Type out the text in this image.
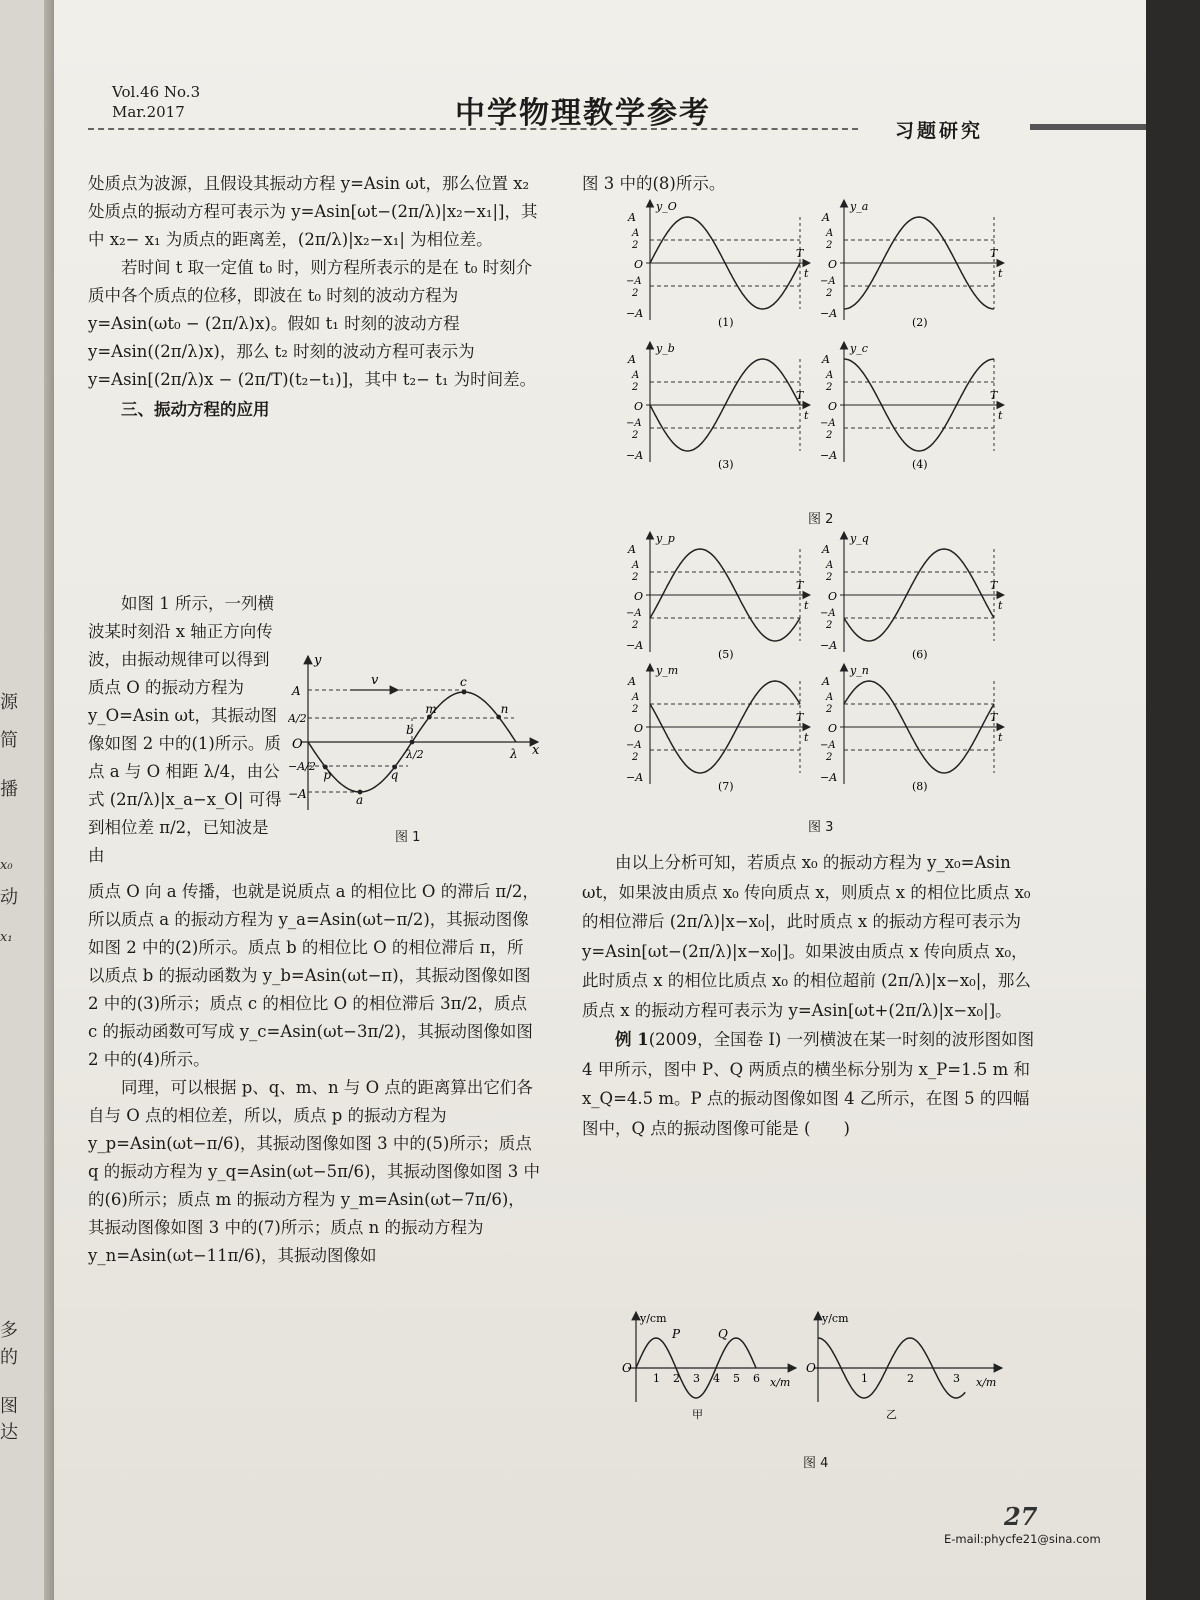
源
简
播
x₀
动
x₁
多
的
图
达
Vol.46 No.3
Mar.2017	中学物理教学参考	习题研究

处质点为波源，且假设其振动方程 y=Asin ωt，那么位置 x₂ 处质点的振动方程可表示为 y=Asin[ωt−(2π/λ)|x₂−x₁|]，其中 x₂− x₁ 为质点的距离差，(2π/λ)|x₂−x₁| 为相位差。

若时间 t 取一定值 t₀ 时，则方程所表示的是在 t₀ 时刻介质中各个质点的位移，即波在 t₀ 时刻的波动方程为 y=Asin(ωt₀ − (2π/λ)x)。假如 t₁ 时刻的波动方程 y=Asin((2π/λ)x)，那么 t₂ 时刻的波动方程可表示为 y=Asin[(2π/λ)x − (2π/T)(t₂−t₁)]，其中 t₂− t₁ 为时间差。

三、振动方程的应用

如图 1 所示，一列横波某时刻沿 x 轴正方向传波，由振动规律可以得到质点 O 的振动方程为 y_O=Asin ωt，其振动图像如图 2 中的(1)所示。质点 a 与 O 相距 λ/4，由公式 (2π/λ)|x_a−x_O| 可得到相位差 π/2，已知波是由

质点 O 向 a 传播，也就是说质点 a 的相位比 O 的滞后 π/2，所以质点 a 的振动方程为 y_a=Asin(ωt−π/2)，其振动图像如图 2 中的(2)所示。质点 b 的相位比 O 的相位滞后 π，所以质点 b 的振动函数为 y_b=Asin(ωt−π)，其振动图像如图 2 中的(3)所示；质点 c 的相位比 O 的相位滞后 3π/2，质点 c 的振动函数可写成 y_c=Asin(ωt−3π/2)，其振动图像如图 2 中的(4)所示。

同理，可以根据 p、q、m、n 与 O 点的距离算出它们各自与 O 点的相位差，所以，质点 p 的振动方程为 y_p=Asin(ωt−π/6)，其振动图像如图 3 中的(5)所示；质点 q 的振动方程为 y_q=Asin(ωt−5π/6)，其振动图像如图 3 中的(6)所示；质点 m 的振动方程为 y_m=Asin(ωt−7π/6)，其振动图像如图 3 中的(7)所示；质点 n 的振动方程为 y_n=Asin(ωt−11π/6)，其振动图像如

v
y
x
O
A
A/2
−A/2
−A
λ/2	λ
p
a
q
b
m
c
n
图 1

图 3 中的(8)所示。

y_O
A
A
2
O
−A
2
−A
T
t
(1)
y_a
A
A
2
O
−A
2
−A
T
t
(2)
y_b
A
A
2
O
−A
2
−A
T
t
(3)
y_c
A
A
2
O
−A
2
−A
T
t
(4)
图 2
y_p
A
A
2
O
−A
2
−A
T
t
(5)
y_q
A
A
2
O
−A
2
−A
T
t
(6)
y_m
A
A
2
O
−A
2
−A
T
t
(7)
y_n
A
A
2
O
−A
2
−A
T
t
(8)
图 3

由以上分析可知，若质点 x₀ 的振动方程为 y_x₀=Asin ωt，如果波由质点 x₀ 传向质点 x，则质点 x 的相位比质点 x₀ 的相位滞后 (2π/λ)|x−x₀|，此时质点 x 的振动方程可表示为 y=Asin[ωt−(2π/λ)|x−x₀|]。如果波由质点 x 传向质点 x₀，此时质点 x 的相位比质点 x₀ 的相位超前 (2π/λ)|x−x₀|，那么质点 x 的振动方程可表示为 y=Asin[ωt+(2π/λ)|x−x₀|]。

例 1(2009，全国卷 Ⅰ) 一列横波在某一时刻的波形图如图 4 甲所示，图中 P、Q 两质点的横坐标分别为 x_P=1.5 m 和 x_Q=4.5 m。P 点的振动图像如图 4 乙所示，在图 5 的四幅图中，Q 点的振动图像可能是 (　　)

y/cm
x/m
O
P	Q
1 2 3 4 5 6
甲
y/cm
x/m
O
1	2	3
乙
图 4
27
E-mail:phycfe21@sina.com
